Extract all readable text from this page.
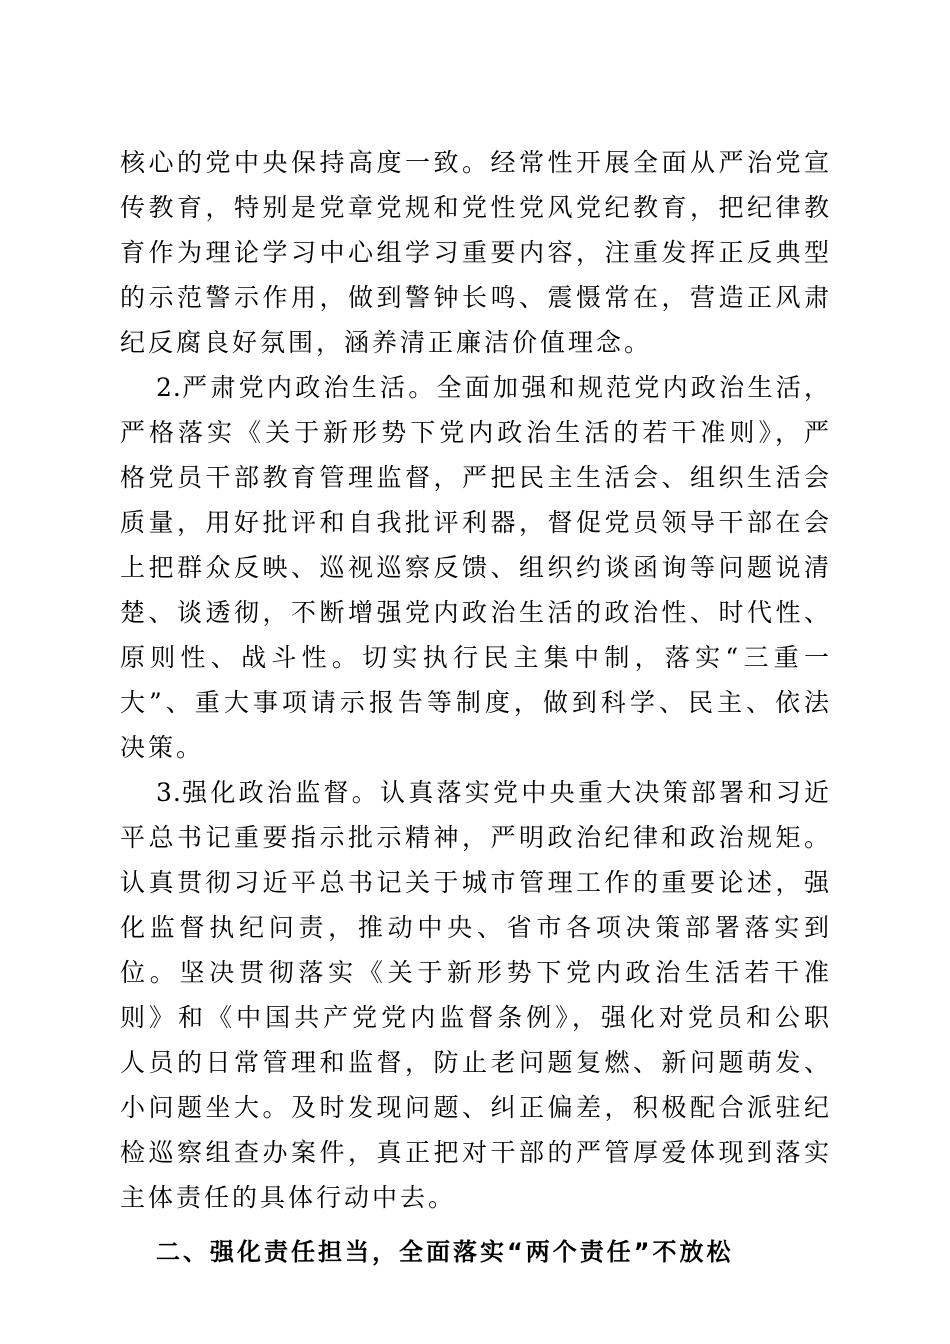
核心的党中央保持高度一致。经常性开展全面从严治党宣传教育，特别是党章党规和党性党风党纪教育，把纪律教育作为理论学习中心组学习重要内容，注重发挥正反典型的示范警示作用，做到警钟长鸣、震慑常在，营造正风肃纪反腐良好氛围，涵养清正廉洁价值理念。

2.严肃党内政治生活。全面加强和规范党内政治生活，严格落实《关于新形势下党内政治生活的若干准则》，严格党员干部教育管理监督，严把民主生活会、组织生活会质量，用好批评和自我批评利器，督促党员领导干部在会上把群众反映、巡视巡察反馈、组织约谈函询等问题说清楚、谈透彻，不断增强党内政治生活的政治性、时代性、原则性、战斗性。切实执行民主集中制，落实“三重一大”、重大事项请示报告等制度，做到科学、民主、依法决策。

3.强化政治监督。认真落实党中央重大决策部署和习近平总书记重要指示批示精神，严明政治纪律和政治规矩。认真贯彻习近平总书记关于城市管理工作的重要论述，强化监督执纪问责，推动中央、省市各项决策部署落实到位。坚决贯彻落实《关于新形势下党内政治生活若干准则》和《中国共产党党内监督条例》，强化对党员和公职人员的日常管理和监督，防止老问题复燃、新问题萌发、小问题坐大。及时发现问题、纠正偏差，积极配合派驻纪检巡察组查办案件，真正把对干部的严管厚爱体现到落实主体责任的具体行动中去。

二、强化责任担当，全面落实“两个责任”不放松
